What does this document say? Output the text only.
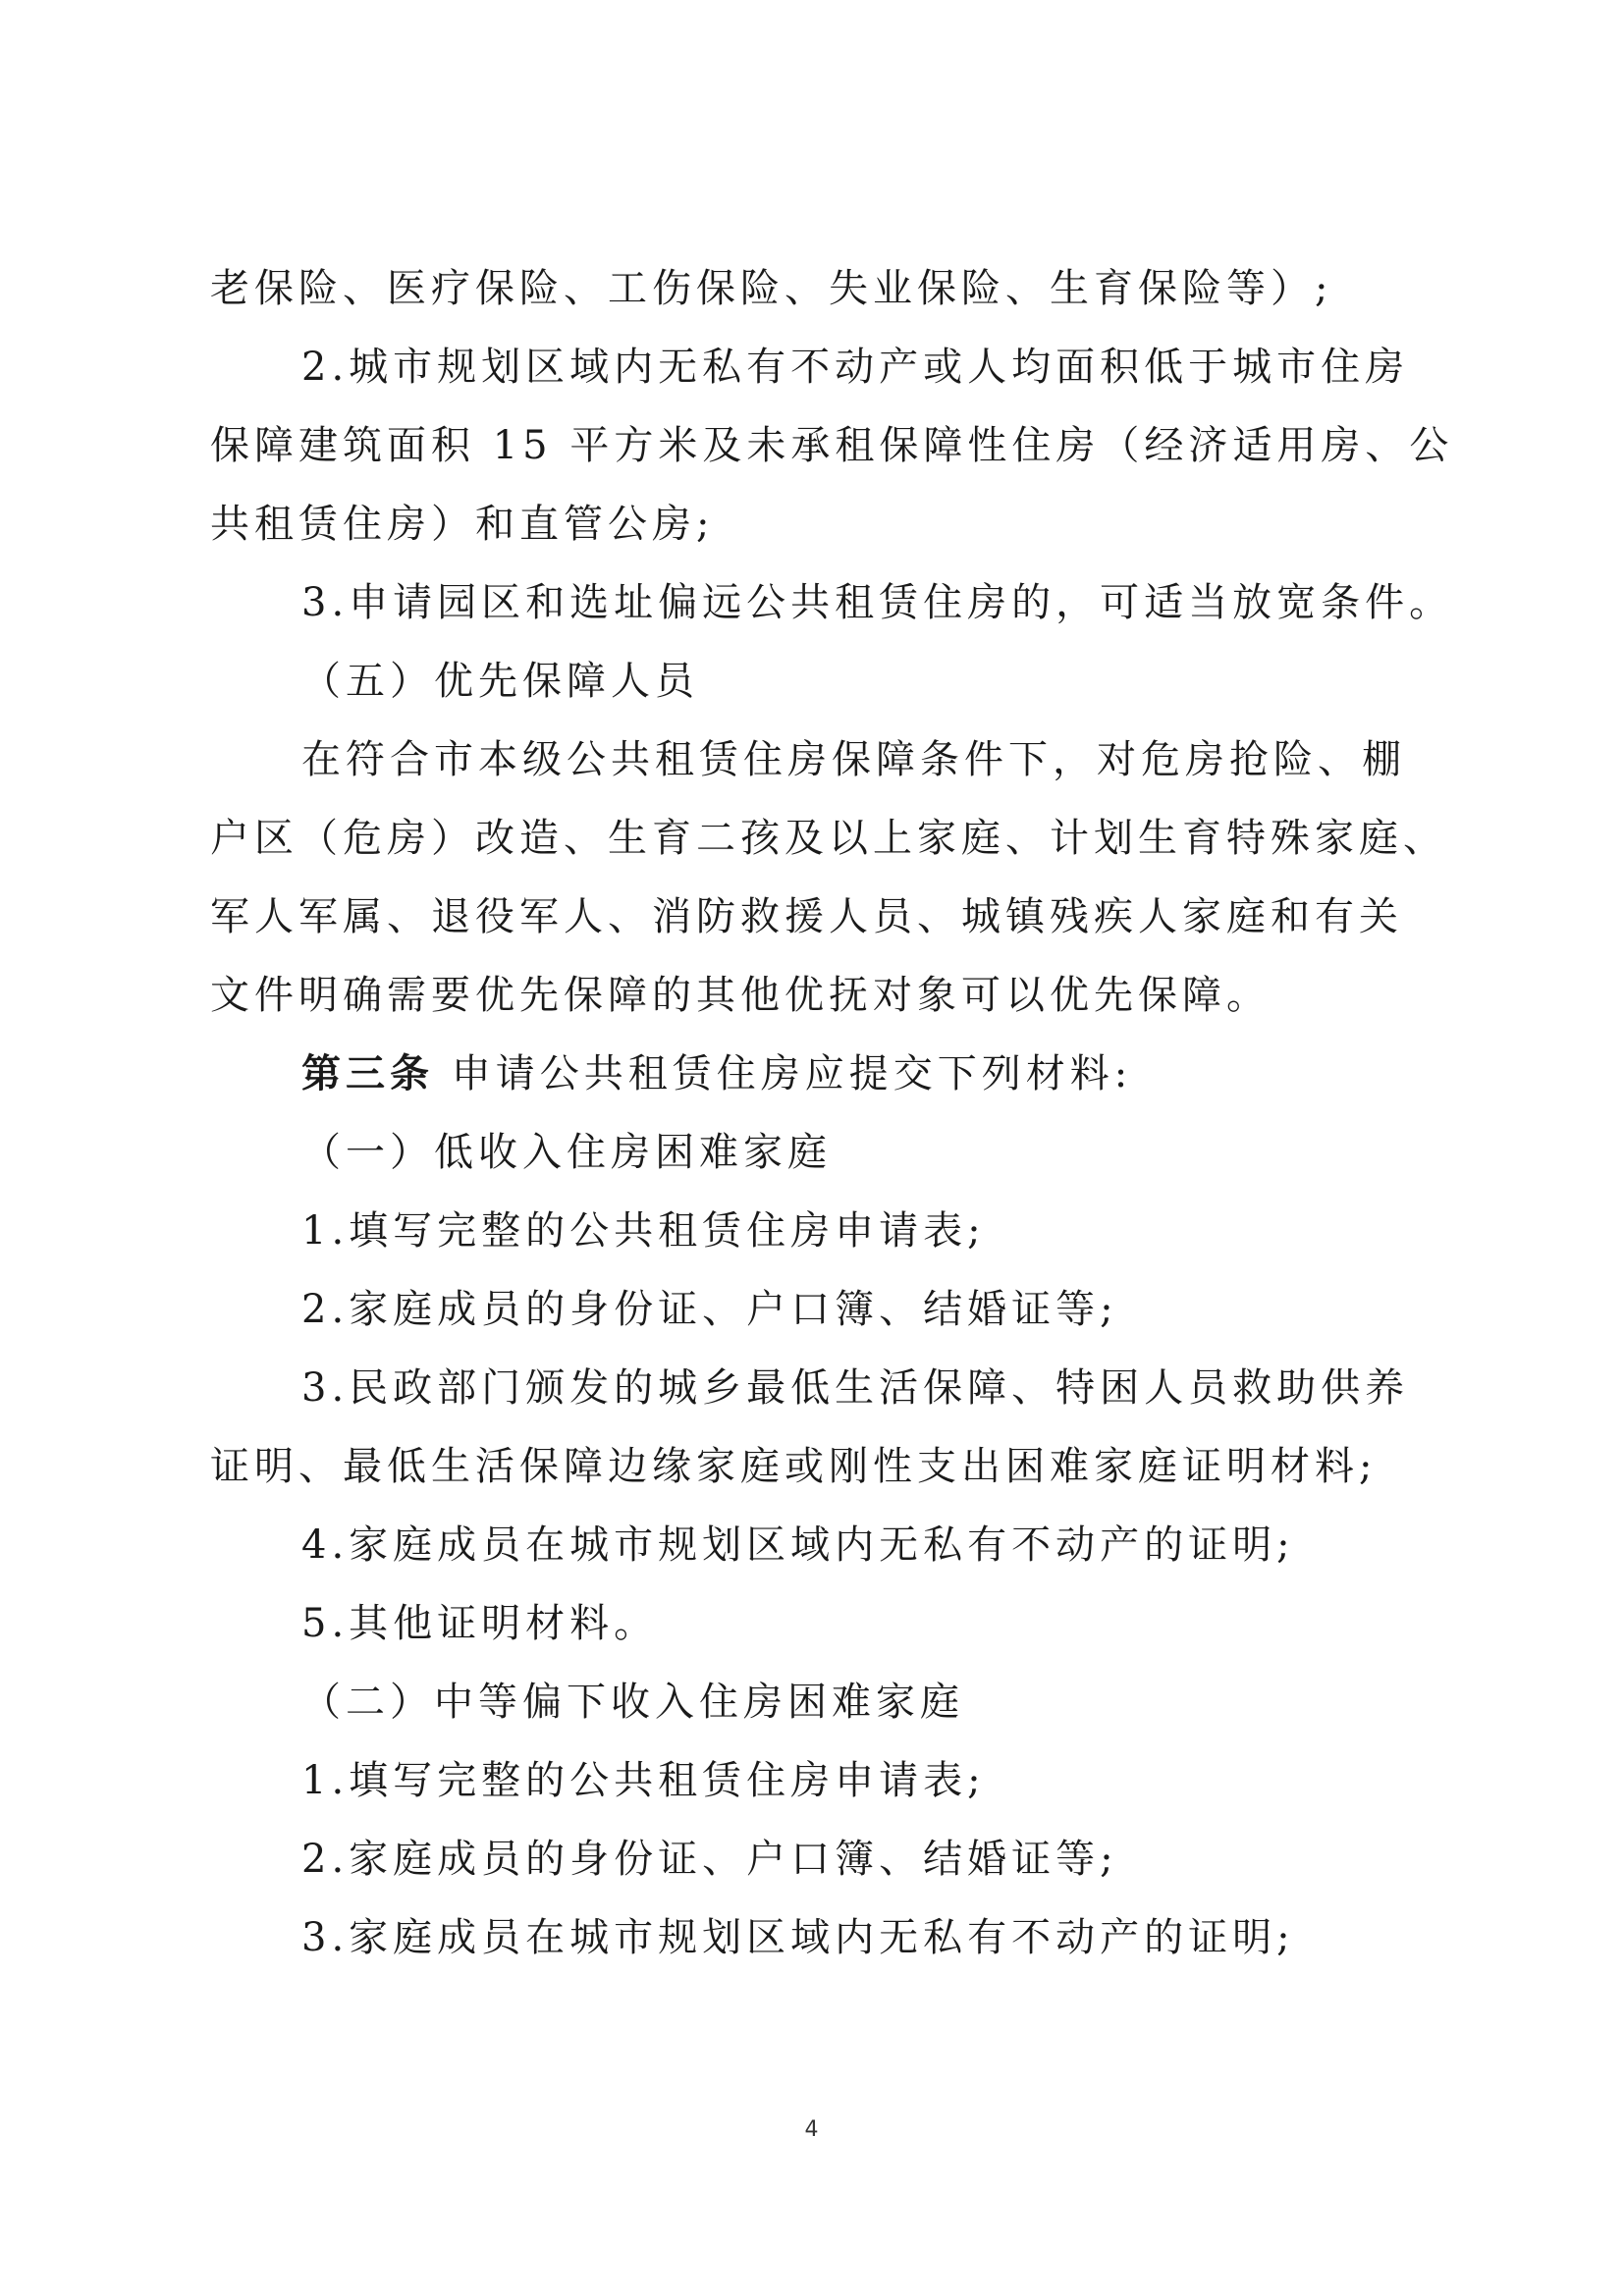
老保险、医疗保险、工伤保险、失业保险、生育保险等）;
2.城市规划区域内无私有不动产或人均面积低于城市住房
保障建筑面积 15 平方米及未承租保障性住房（经济适用房、公
共租赁住房）和直管公房;
3.申请园区和选址偏远公共租赁住房的，可适当放宽条件。
（五）优先保障人员
在符合市本级公共租赁住房保障条件下，对危房抢险、棚
户区（危房）改造、生育二孩及以上家庭、计划生育特殊家庭、
军人军属、退役军人、消防救援人员、城镇残疾人家庭和有关
文件明确需要优先保障的其他优抚对象可以优先保障。
第三条 申请公共租赁住房应提交下列材料:
（一）低收入住房困难家庭
1.填写完整的公共租赁住房申请表;
2.家庭成员的身份证、户口簿、结婚证等;
3.民政部门颁发的城乡最低生活保障、特困人员救助供养
证明、最低生活保障边缘家庭或刚性支出困难家庭证明材料;
4.家庭成员在城市规划区域内无私有不动产的证明;
5.其他证明材料。
（二）中等偏下收入住房困难家庭
1.填写完整的公共租赁住房申请表;
2.家庭成员的身份证、户口簿、结婚证等;
3.家庭成员在城市规划区域内无私有不动产的证明;
4
